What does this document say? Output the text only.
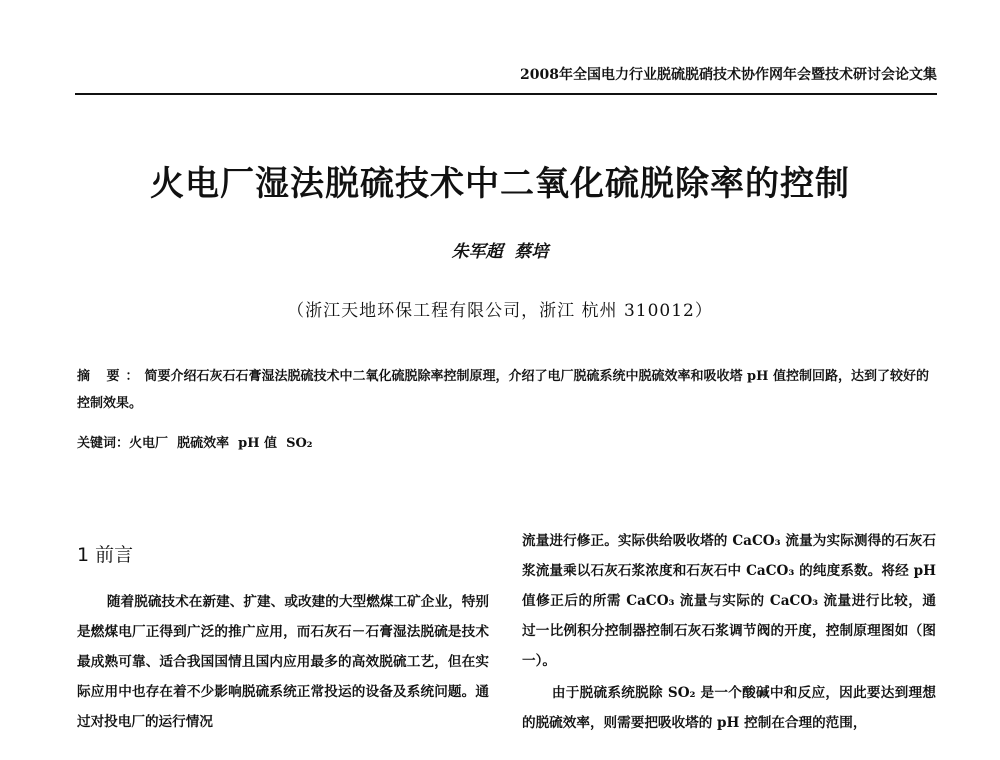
2008年全国电力行业脱硫脱硝技术协作网年会暨技术研讨会论文集
火电厂湿法脱硫技术中二氧化硫脱除率的控制
朱军超  蔡培
（浙江天地环保工程有限公司，浙江 杭州 310012）
摘 要：简要介绍石灰石石膏湿法脱硫技术中二氧化硫脱除率控制原理，介绍了电厂脱硫系统中脱硫效率和吸收塔 pH 值控制回路，达到了较好的控制效果。
关键词：火电厂  脱硫效率  pH 值  SO₂
1 前言

随着脱硫技术在新建、扩建、或改建的大型燃煤工矿企业，特别是燃煤电厂正得到广泛的推广应用，而石灰石－石膏湿法脱硫是技术最成熟可靠、适合我国国情且国内应用最多的高效脱硫工艺，但在实际应用中也存在着不少影响脱硫系统正常投运的设备及系统问题。通过对投电厂的运行情况

流量进行修正。实际供给吸收塔的 CaCO₃ 流量为实际测得的石灰石浆流量乘以石灰石浆浓度和石灰石中 CaCO₃ 的纯度系数。将经 pH 值修正后的所需 CaCO₃ 流量与实际的 CaCO₃ 流量进行比较，通过一比例积分控制器控制石灰石浆调节阀的开度，控制原理图如（图一）。

由于脱硫系统脱除 SO₂ 是一个酸碱中和反应，因此要达到理想的脱硫效率，则需要把吸收塔的 pH 控制在合理的范围，
